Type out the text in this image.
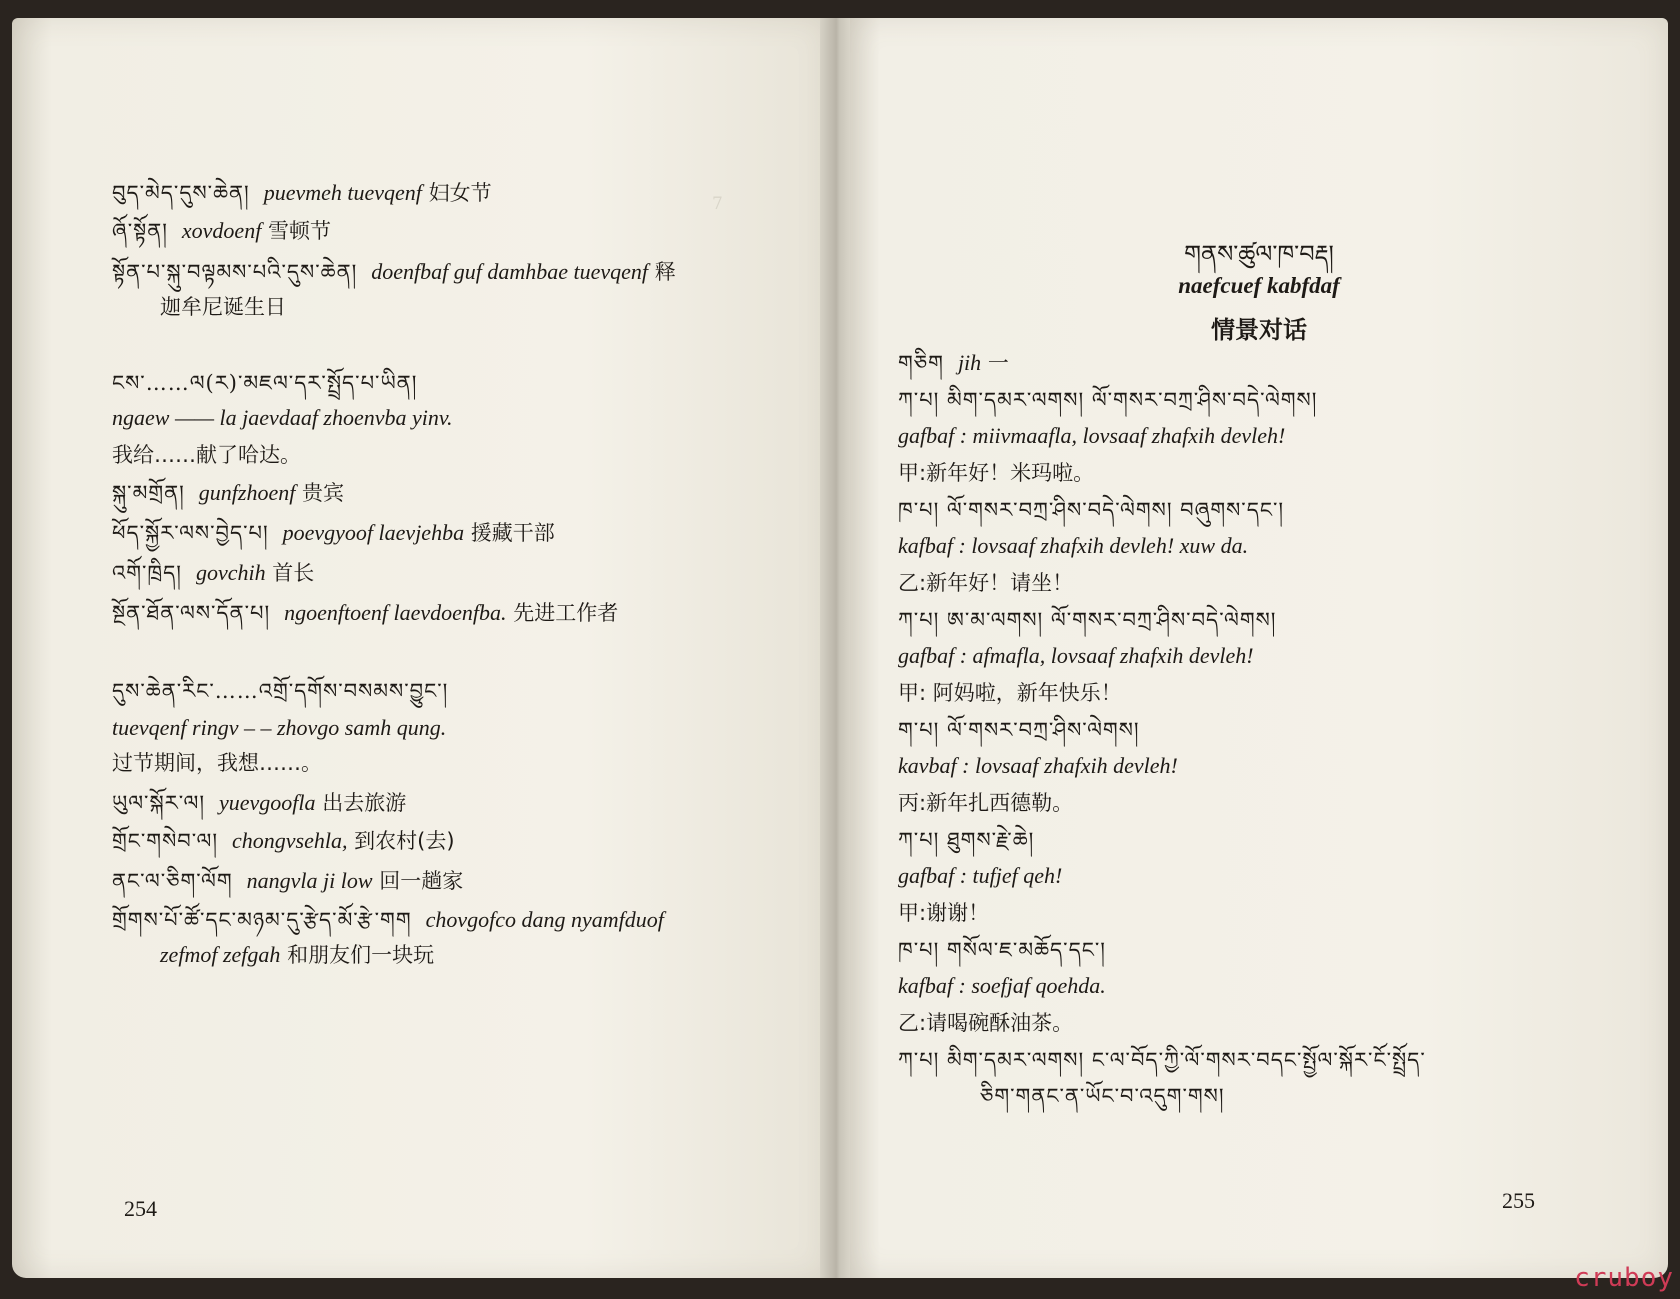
7
བུད་མེད་དུས་ཆེན། puevmeh tuevqenf 妇女节
ཞོ་སྟོན། xovdoenf 雪顿节
སྟོན་པ་སྐུ་བལྟམས་པའི་དུས་ཆེན། doenfbaf guf damhbae tuevqenf 释
迦牟尼诞生日
ངས་……ལ(ར)་མཇལ་དར་སྤྲོད་པ་ཡིན།
ngaew —— la jaevdaaf zhoenvba yinv.
我给……献了哈达。
སྐུ་མགྲོན། gunfzhoenf 贵宾
ཕོད་སྐྱོར་ལས་བྱེད་པ། poevgyoof laevjehba 援藏干部
འགོ་ཁྲིད། govchih 首长
སྔོན་ཐོན་ལས་དོན་པ། ngoenftoenf laevdoenfba. 先进工作者
དུས་ཆེན་རིང་……འགྲོ་དགོས་བསམས་བྱུང་།
tuevqenf ringv – – zhovgo samh qung.
过节期间，我想……。
ཡུལ་སྐོར་ལ། yuevgoofla 出去旅游
གྲོང་གསེབ་ལ། chongvsehla, 到农村(去)
ནང་ལ་ཅིག་ལོག nangvla ji low 回一趟家
གྲོགས་པོ་ཚོ་དང་མཉམ་དུ་རྩེད་མོ་རྩེ་གག chovgofco dang nyamfduof
zefmof zefgah 和朋友们一块玩
254
གནས་ཚུལ་ཁ་བརྡ།
naefcuef kabfdaf
情景对话
གཅིག jih 一
ཀ་པ། མིག་དམར་ལགས། ལོ་གསར་བཀྲ་ཤིས་བདེ་ལེགས།
gafbaf : miivmaafla, lovsaaf zhafxih devleh!
甲:新年好！米玛啦。
ཁ་པ། ལོ་གསར་བཀྲ་ཤིས་བདེ་ལེགས། བཞུགས་དང་།
kafbaf : lovsaaf zhafxih devleh! xuw da.
乙:新年好！请坐！
ཀ་པ། ཨ་མ་ལགས། ལོ་གསར་བཀྲ་ཤིས་བདེ་ལེགས།
gafbaf : afmafla, lovsaaf zhafxih devleh!
甲: 阿妈啦，新年快乐！
ག་པ། ལོ་གསར་བཀྲ་ཤིས་ལེགས།
kavbaf : lovsaaf zhafxih devleh!
丙:新年扎西德勒。
ཀ་པ། ཐུགས་རྗེ་ཆེ།
gafbaf : tufjef qeh!
甲:谢谢！
ཁ་པ། གསོལ་ཇ་མཆོད་དང་།
kafbaf : soefjaf qoehda.
乙:请喝碗酥油茶。
ཀ་པ། མིག་དམར་ལགས། ང་ལ་བོད་ཀྱི་ལོ་གསར་བདང་སྤྱོལ་སྐོར་ངོ་སྤྲོད་
ཅིག་གནང་ན་ཡོང་བ་འདུག་གས།
255
cruboy
